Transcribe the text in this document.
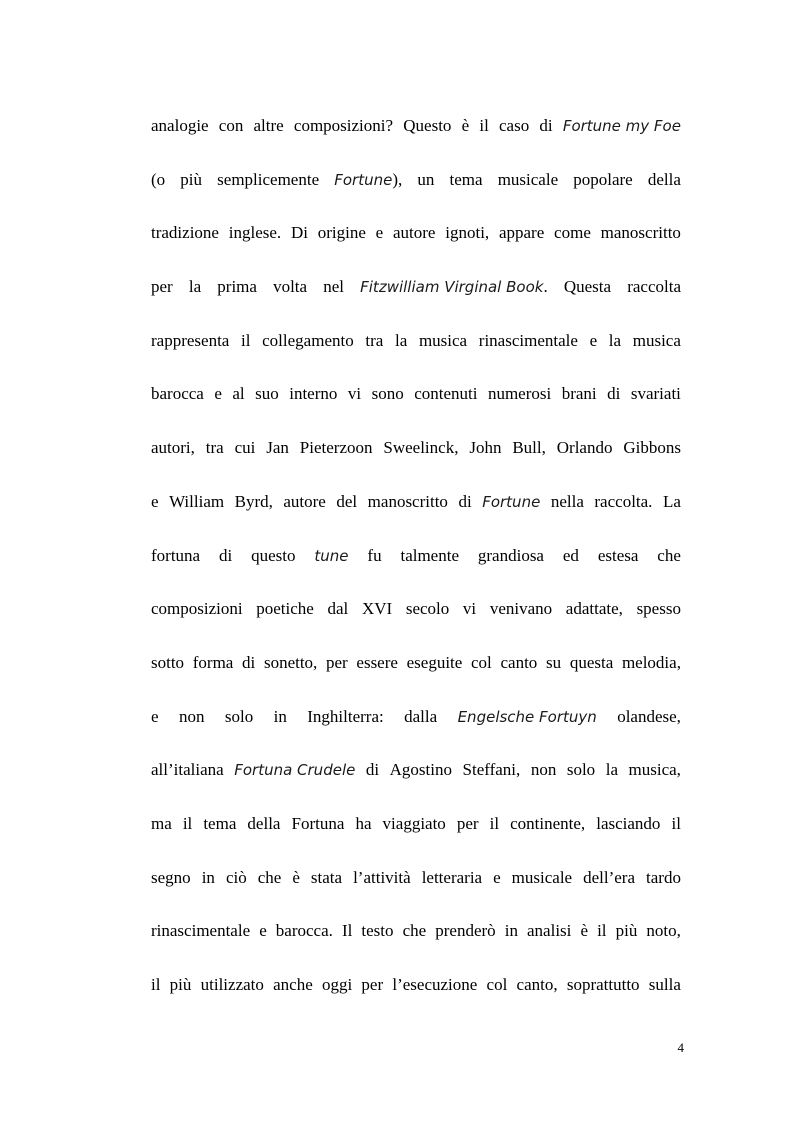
analogie con altre composizioni? Questo è il caso di Fortune my Foe
(o più semplicemente Fortune), un tema musicale popolare della
tradizione inglese. Di origine e autore ignoti, appare come manoscritto
per la prima volta nel Fitzwilliam Virginal Book. Questa raccolta
rappresenta il collegamento tra la musica rinascimentale e la musica
barocca e al suo interno vi sono contenuti numerosi brani di svariati
autori, tra cui Jan Pieterzoon Sweelinck, John Bull, Orlando Gibbons
e William Byrd, autore del manoscritto di Fortune nella raccolta. La
fortuna di questo tune fu talmente grandiosa ed estesa che
composizioni poetiche dal XVI secolo vi venivano adattate, spesso
sotto forma di sonetto, per essere eseguite col canto su questa melodia,
e non solo in Inghilterra: dalla Engelsche Fortuyn olandese,
all’italiana Fortuna Crudele di Agostino Steffani, non solo la musica,
ma il tema della Fortuna ha viaggiato per il continente, lasciando il
segno in ciò che è stata l’attività letteraria e musicale dell’era tardo
rinascimentale e barocca. Il testo che prenderò in analisi è il più noto,
il più utilizzato anche oggi per l’esecuzione col canto, soprattutto sulla
4
